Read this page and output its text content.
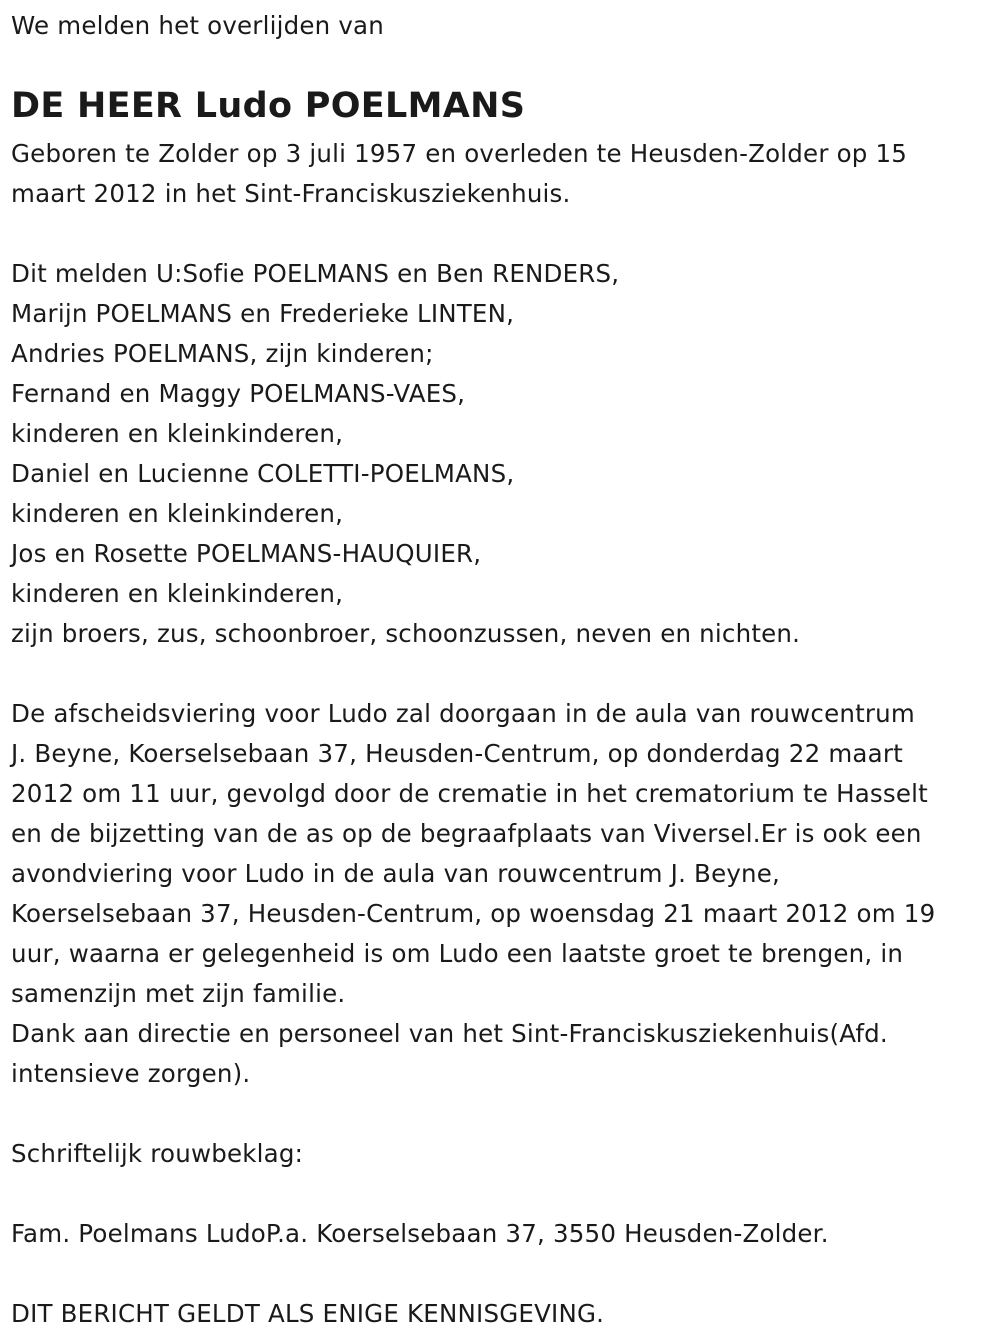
We melden het overlijden van
DE HEER Ludo POELMANS
Geboren te Zolder op 3 juli 1957 en overleden te Heusden-Zolder op 15
maart 2012 in het Sint-Franciskusziekenhuis.
Dit melden U:Sofie POELMANS en Ben RENDERS,
Marijn POELMANS en Frederieke LINTEN,
Andries POELMANS, zijn kinderen;
Fernand en Maggy POELMANS-VAES,
kinderen en kleinkinderen,
Daniel en Lucienne COLETTI-POELMANS,
kinderen en kleinkinderen,
Jos en Rosette POELMANS-HAUQUIER,
kinderen en kleinkinderen,
zijn broers, zus, schoonbroer, schoonzussen, neven en nichten.
De afscheidsviering voor Ludo zal doorgaan in de aula van rouwcentrum
J. Beyne, Koerselsebaan 37, Heusden-Centrum, op donderdag 22 maart
2012 om 11 uur, gevolgd door de crematie in het crematorium te Hasselt
en de bijzetting van de as op de begraafplaats van Viversel.Er is ook een
avondviering voor Ludo in de aula van rouwcentrum J. Beyne,
Koerselsebaan 37, Heusden-Centrum, op woensdag 21 maart 2012 om 19
uur, waarna er gelegenheid is om Ludo een laatste groet te brengen, in
samenzijn met zijn familie.
Dank aan directie en personeel van het Sint-Franciskusziekenhuis(Afd.
intensieve zorgen).
Schriftelijk rouwbeklag:
Fam. Poelmans LudoP.a. Koerselsebaan 37, 3550 Heusden-Zolder.
DIT BERICHT GELDT ALS ENIGE KENNISGEVING.
